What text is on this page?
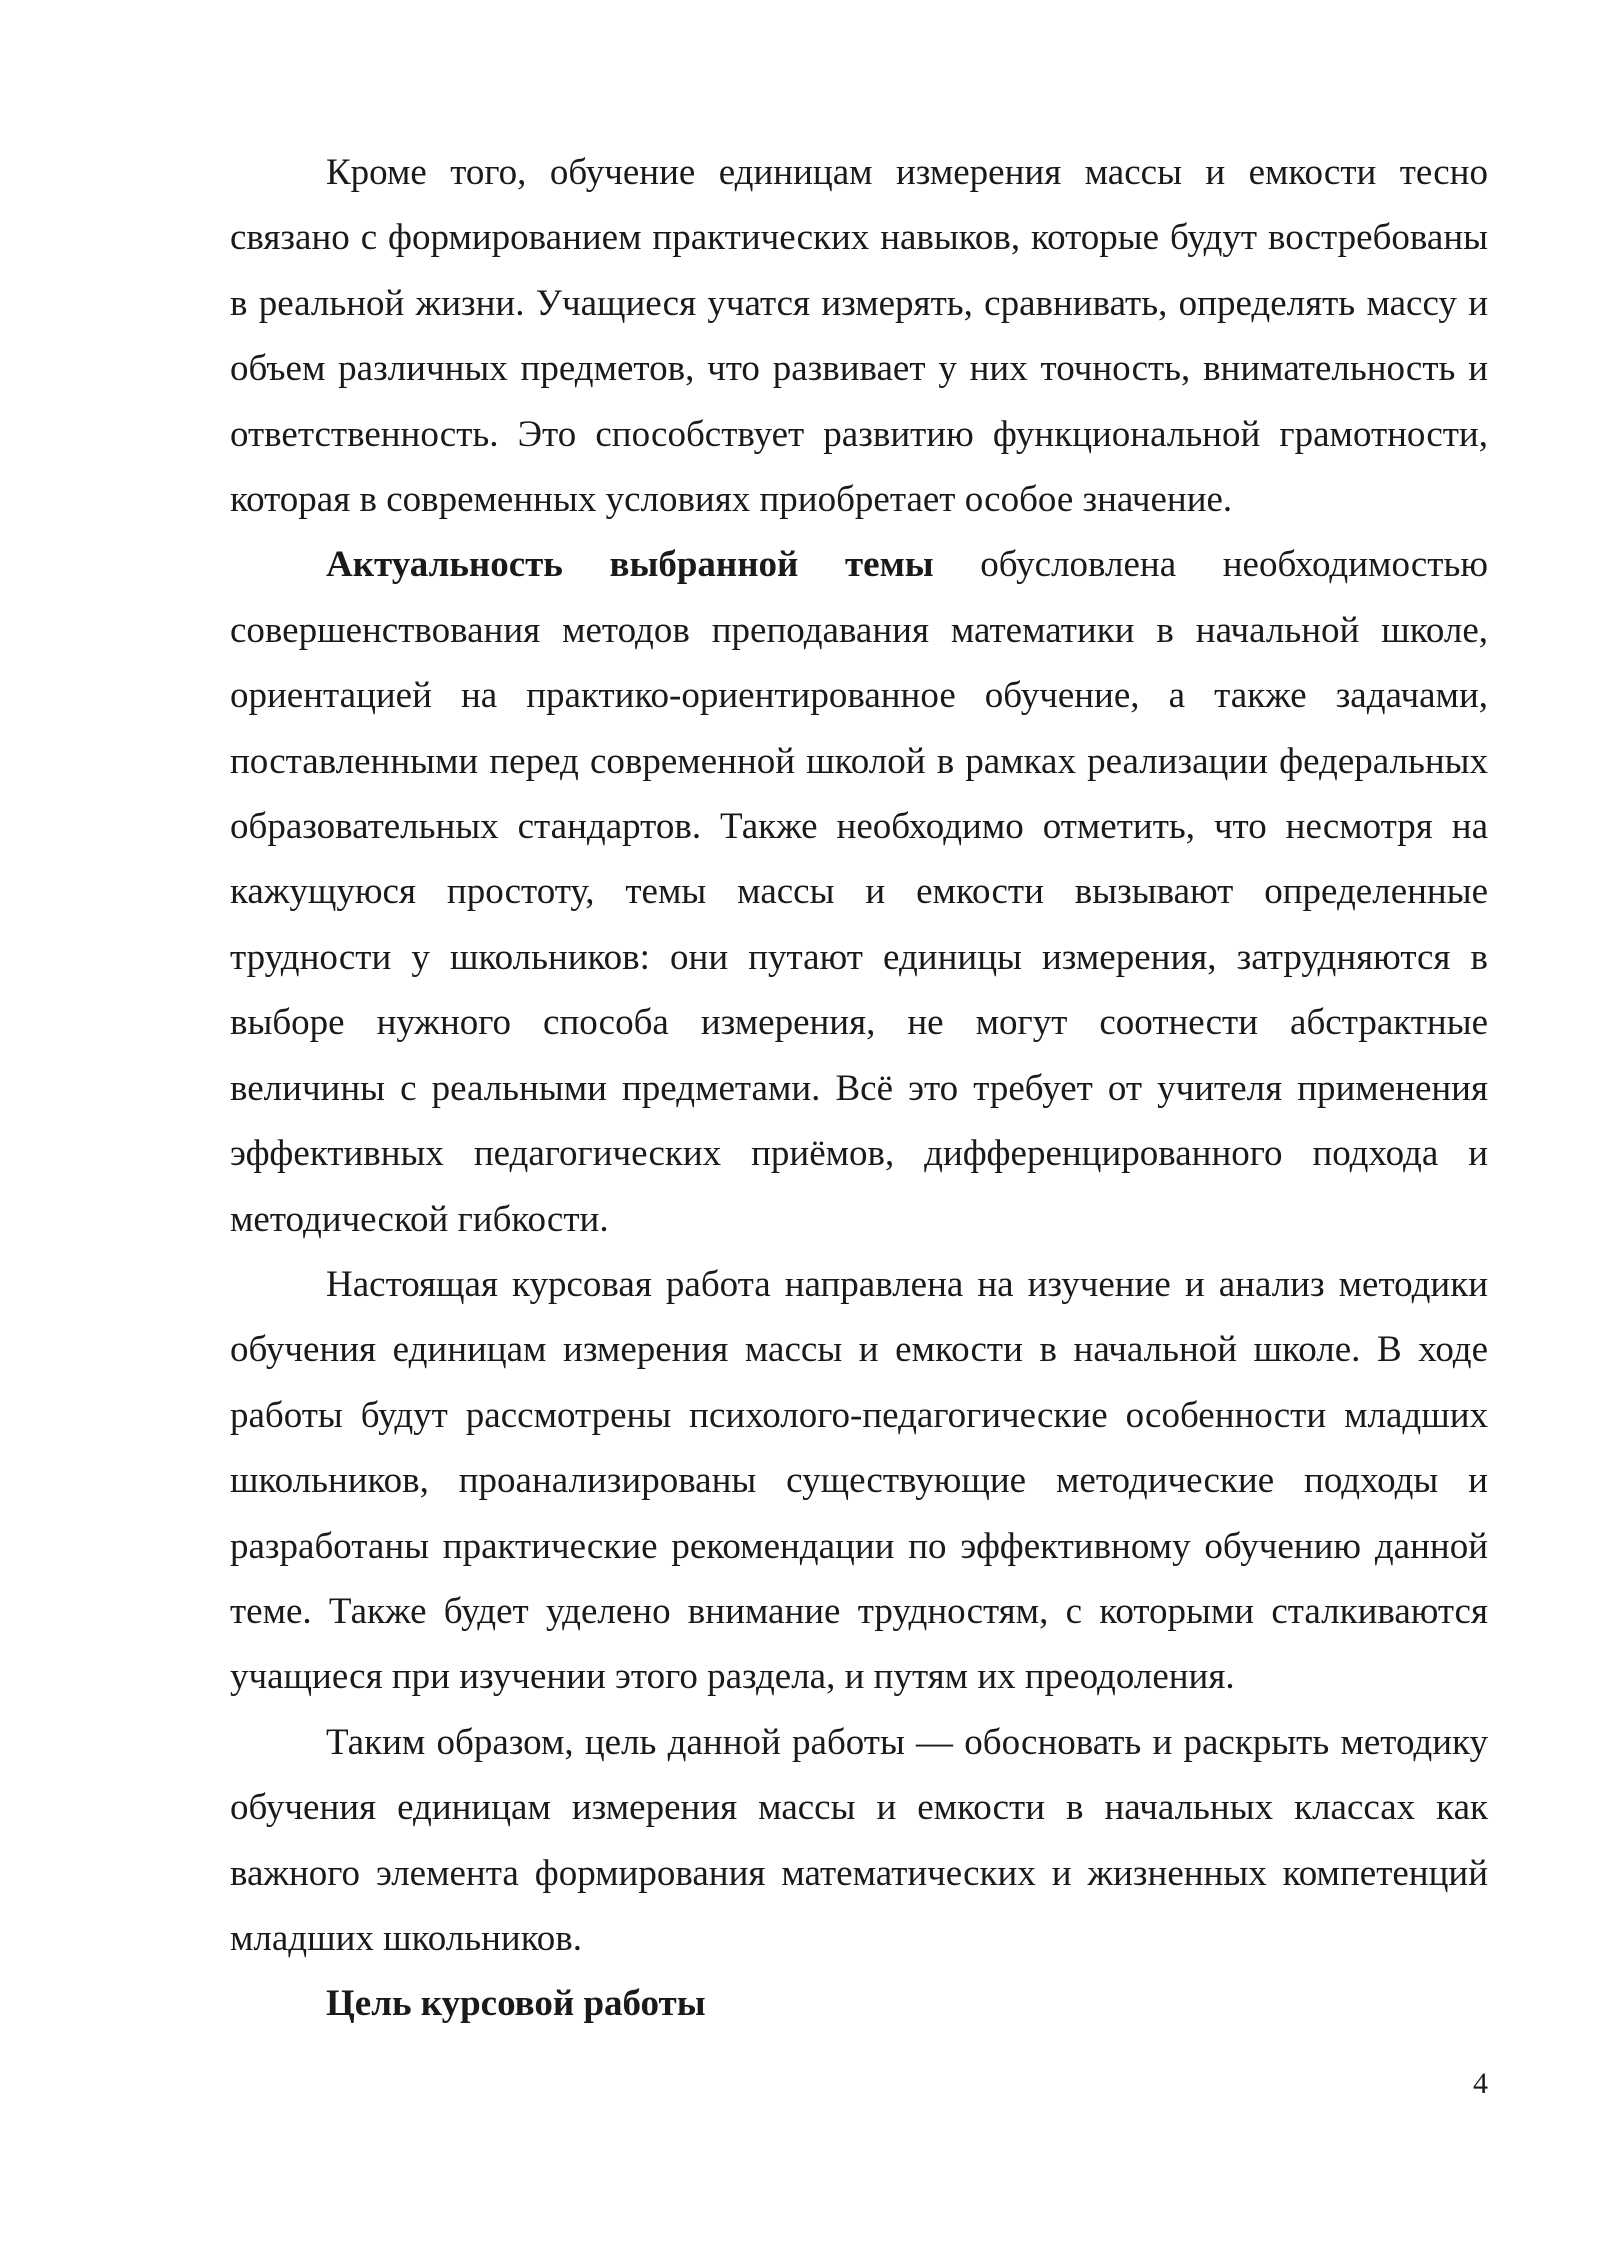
Кроме того, обучение единицам измерения массы и емкости тесно связано с формированием практических навыков, которые будут востребованы в реальной жизни. Учащиеся учатся измерять, сравнивать, определять массу и объем различных предметов, что развивает у них точность, внимательность и ответственность. Это способствует развитию функциональной грамотности, которая в современных условиях приобретает особое значение.

Актуальность выбранной темы обусловлена необходимостью совершенствования методов преподавания математики в начальной школе, ориентацией на практико-ориентированное обучение, а также задачами, поставленными перед современной школой в рамках реализации федеральных образовательных стандартов. Также необходимо отметить, что несмотря на кажущуюся простоту, темы массы и емкости вызывают определенные трудности у школьников: они путают единицы измерения, затрудняются в выборе нужного способа измерения, не могут соотнести абстрактные величины с реальными предметами. Всё это требует от учителя применения эффективных педагогических приёмов, дифференцированного подхода и методической гибкости.

Настоящая курсовая работа направлена на изучение и анализ методики обучения единицам измерения массы и емкости в начальной школе. В ходе работы будут рассмотрены психолого-педагогические особенности младших школьников, проанализированы существующие методические подходы и разработаны практические рекомендации по эффективному обучению данной теме. Также будет уделено внимание трудностям, с которыми сталкиваются учащиеся при изучении этого раздела, и путям их преодоления.

Таким образом, цель данной работы — обосновать и раскрыть методику обучения единицам измерения массы и емкости в начальных классах как важного элемента формирования математических и жизненных компетенций младших школьников.

Цель курсовой работы

4
